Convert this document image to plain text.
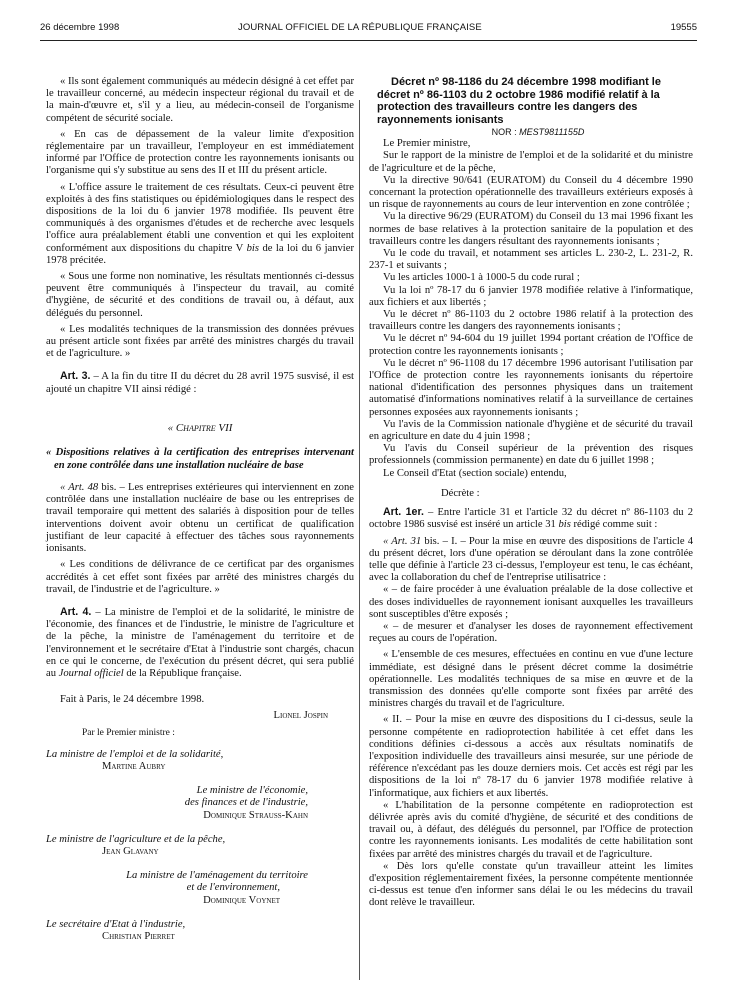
26 décembre 1998	JOURNAL OFFICIEL DE LA RÉPUBLIQUE FRANÇAISE	19555

« Ils sont également communiqués au médecin désigné à cet effet par le travailleur concerné, au médecin inspecteur régional du travail et de la main-d'œuvre et, s'il y a lieu, au médecin-conseil de l'organisme compétent de sécurité sociale.

« En cas de dépassement de la valeur limite d'exposition réglementaire par un travailleur, l'employeur en est immédiatement informé par l'Office de protection contre les rayonnements ionisants ou l'organisme qui s'y substitue au sens des II et III du présent article.

« L'office assure le traitement de ces résultats. Ceux-ci peuvent être exploités à des fins statistiques ou épidémiologiques dans le respect des dispositions de la loi du 6 janvier 1978 modifiée. Ils peuvent être communiqués à des organismes d'études et de recherche avec lesquels l'office aura préalablement établi une convention et qui les exploitent conformément aux dispositions du chapitre V bis de la loi du 6 janvier 1978 précitée.

« Sous une forme non nominative, les résultats mentionnés ci-dessus peuvent être communiqués à l'inspecteur du travail, au comité d'hygiène, de sécurité et des conditions de travail ou, à défaut, aux délégués du personnel.

« Les modalités techniques de la transmission des données prévues au présent article sont fixées par arrêté des ministres chargés du travail et de l'agriculture. »

Art. 3. – A la fin du titre II du décret du 28 avril 1975 susvisé, il est ajouté un chapitre VII ainsi rédigé :

« Chapitre VII

« Dispositions relatives à la certification des entreprises intervenant en zone contrôlée dans une installation nucléaire de base

« Art. 48 bis. – Les entreprises extérieures qui interviennent en zone contrôlée dans une installation nucléaire de base ou les entreprises de travail temporaire qui mettent des salariés à disposition pour de telles interventions doivent avoir obtenu un certificat de qualification justifiant de leur capacité à effectuer des tâches sous rayonnements ionisants.

« Les conditions de délivrance de ce certificat par des organismes accrédités à cet effet sont fixées par arrêté des ministres chargés du travail, de l'industrie et de l'agriculture. »

Art. 4. – La ministre de l'emploi et de la solidarité, le ministre de l'économie, des finances et de l'industrie, le ministre de l'agriculture et de la pêche, la ministre de l'aménagement du territoire et de l'environnement et le secrétaire d'Etat à l'industrie sont chargés, chacun en ce qui le concerne, de l'exécution du présent décret, qui sera publié au Journal officiel de la République française.

Fait à Paris, le 24 décembre 1998.

Lionel Jospin

Par le Premier ministre :

La ministre de l'emploi et de la solidarité,
Martine Aubry

Le ministre de l'économie,
des finances et de l'industrie,
Dominique Strauss-Kahn

Le ministre de l'agriculture et de la pêche,
Jean Glavany

La ministre de l'aménagement du territoire
et de l'environnement,
Dominique Voynet

Le secrétaire d'Etat à l'industrie,
Christian Pierret

Décret nº 98-1186 du 24 décembre 1998 modifiant le décret nº 86-1103 du 2 octobre 1986 modifié relatif à la protection des travailleurs contre les dangers des rayonnements ionisants

NOR : MEST9811155D

Le Premier ministre,

Sur le rapport de la ministre de l'emploi et de la solidarité et du ministre de l'agriculture et de la pêche,

Vu la directive 90/641 (EURATOM) du Conseil du 4 décembre 1990 concernant la protection opérationnelle des travailleurs extérieurs exposés à un risque de rayonnements au cours de leur intervention en zone contrôlée ;

Vu la directive 96/29 (EURATOM) du Conseil du 13 mai 1996 fixant les normes de base relatives à la protection sanitaire de la population et des travailleurs contre les dangers résultant des rayonnements ionisants ;

Vu le code du travail, et notamment ses articles L. 230-2, L. 231-2, R. 237-1 et suivants ;

Vu les articles 1000-1 à 1000-5 du code rural ;

Vu la loi nº 78-17 du 6 janvier 1978 modifiée relative à l'informatique, aux fichiers et aux libertés ;

Vu le décret nº 86-1103 du 2 octobre 1986 relatif à la protection des travailleurs contre les dangers des rayonnements ionisants ;

Vu le décret nº 94-604 du 19 juillet 1994 portant création de l'Office de protection contre les rayonnements ionisants ;

Vu le décret nº 96-1108 du 17 décembre 1996 autorisant l'utilisation par l'Office de protection contre les rayonnements ionisants du répertoire national d'identification des personnes physiques dans un traitement automatisé d'informations nominatives relatif à la surveillance de certaines personnes exposées aux rayonnements ionisants ;

Vu l'avis de la Commission nationale d'hygiène et de sécurité du travail en agriculture en date du 4 juin 1998 ;

Vu l'avis du Conseil supérieur de la prévention des risques professionnels (commission permanente) en date du 6 juillet 1998 ;

Le Conseil d'Etat (section sociale) entendu,

Décrète :

Art. 1er. – Entre l'article 31 et l'article 32 du décret nº 86-1103 du 2 octobre 1986 susvisé est inséré un article 31 bis rédigé comme suit :

« Art. 31 bis. – I. – Pour la mise en œuvre des dispositions de l'article 4 du présent décret, lors d'une opération se déroulant dans la zone contrôlée telle que définie à l'article 23 ci-dessus, l'employeur est tenu, le cas échéant, avec la collaboration du chef de l'entreprise utilisatrice :

« – de faire procéder à une évaluation préalable de la dose collective et des doses individuelles de rayonnement ionisant auxquelles les travailleurs sont susceptibles d'être exposés ;

« – de mesurer et d'analyser les doses de rayonnement effectivement reçues au cours de l'opération.

« L'ensemble de ces mesures, effectuées en continu en vue d'une lecture immédiate, est désigné dans le présent décret comme la dosimétrie opérationnelle. Les modalités techniques de sa mise en œuvre et de la transmission des données qu'elle comporte sont fixées par arrêté des ministres chargés du travail et de l'agriculture.

« II. – Pour la mise en œuvre des dispositions du I ci-dessus, seule la personne compétente en radioprotection habilitée à cet effet dans les conditions définies ci-dessous a accès aux résultats nominatifs de l'exposition individuelle des travailleurs ainsi mesurée, sur une période de référence n'excédant pas les douze derniers mois. Cet accès est régi par les dispositions de la loi nº 78-17 du 6 janvier 1978 modifiée relative à l'informatique, aux fichiers et aux libertés.

« L'habilitation de la personne compétente en radioprotection est délivrée après avis du comité d'hygiène, de sécurité et des conditions de travail ou, à défaut, des délégués du personnel, par l'Office de protection contre les rayonnements ionisants. Les modalités de cette habilitation sont fixées par arrêté des ministres chargés du travail et de l'agriculture.

« Dès lors qu'elle constate qu'un travailleur atteint les limites d'exposition réglementairement fixées, la personne compétente mentionnée ci-dessus est tenue d'en informer sans délai le ou les médecins du travail dont relève le travailleur.
